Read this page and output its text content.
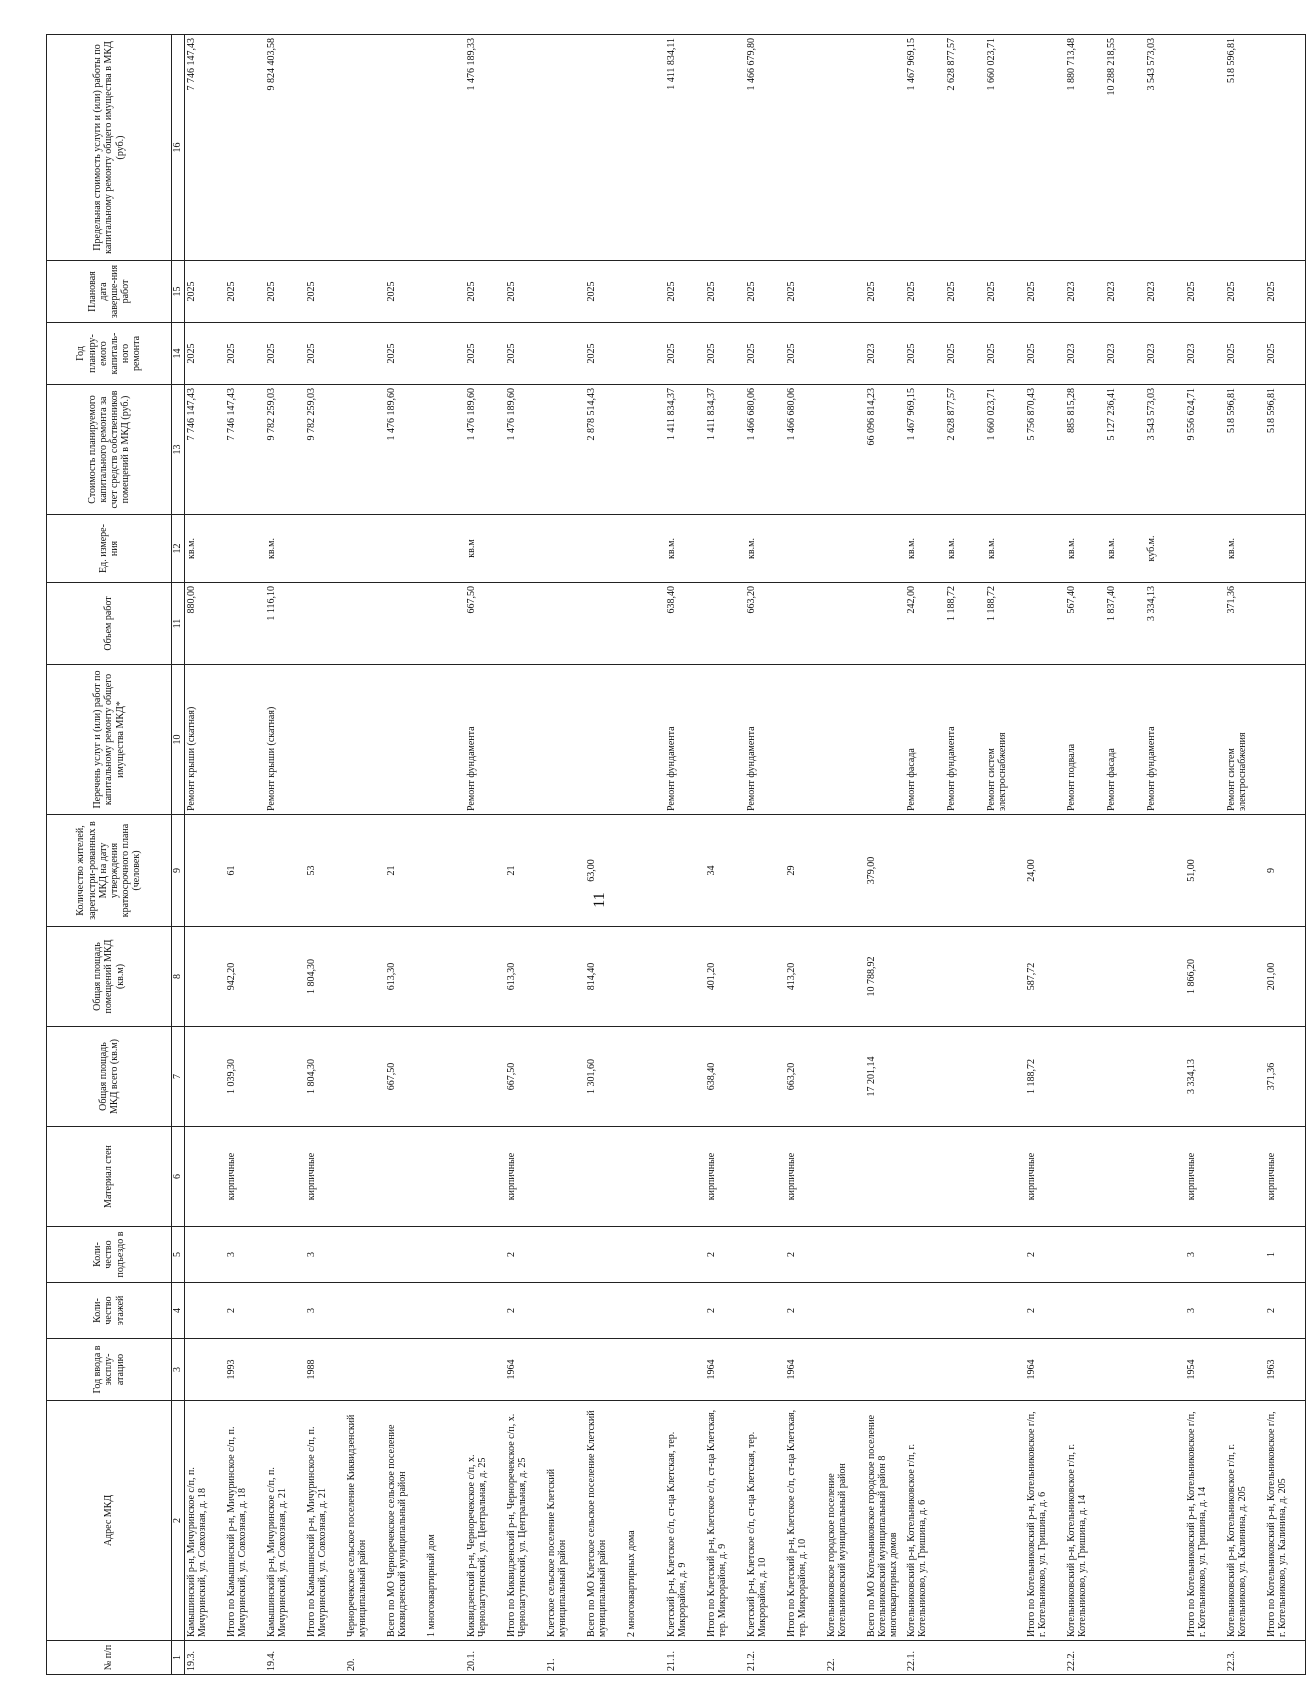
11
№ п/п	Адрес МКД	Год ввода в эксплу-атацию	Коли-чество этажей	Коли-чество подъездо в	Материал стен	Общая площадь МКД всего (кв.м)	Общая площадь помещений МКД (кв.м)	Количество жителей, зарегистри-рованных в МКД на дату утверждения краткосрочного плана (человек)	Перечень услуг и (или) работ по капитальному ремонту общего имущества МКД*	Объем работ	Ед. измере-ния	Стоимость планируемого капитального ремонта за счет средств собственников помещений в МКД (руб.)	Год планиру-емого капиталь-ного ремонта	Плановая дата заверше-ния работ	Предельная стоимость услуги и (или) работы по капитальному ремонту общего имущества в МКД (руб.)
1	2	3	4	5	6	7	8	9	10	11	12	13	14	15	16
19.3.	Камышинский р-н, Мичуринское с/п, п. Мичуринский, ул. Совхозная, д. 18								Ремонт крыши (скатная)	880,00	кв.м.	7 746 147,43	2025	2025	7 746 147,43
	Итого по Камышинский р-н, Мичуринское с/п, п. Мичуринский, ул. Совхозная, д. 18	1993	2	3	кирпичные	1 039,30	942,20	61				7 746 147,43	2025	2025	
19.4.	Камышинский р-н, Мичуринское с/п, п. Мичуринский, ул. Совхозная, д. 21								Ремонт крыши (скатная)	1 116,10	кв.м.	9 782 259,03	2025	2025	9 824 403,58
	Итого по Камышинский р-н, Мичуринское с/п, п. Мичуринский, ул. Совхозная, д. 21	1988	3	3	кирпичные	1 804,30	1 804,30	53				9 782 259,03	2025	2025	
20.	Черноречекское сельское поселение Киквидзенский муниципальный район														
	Всего по МО Черноречекское сельское поселение Киквидзенский муниципальный район					667,50	613,30	21				1 476 189,60	2025	2025	
	1 многоквартирный дом														
20.1.	Киквидзенский р-н, Черноречекское с/п, х. Чернолагутинский, ул. Центральная, д. 25								Ремонт фундамента	667,50	кв.м	1 476 189,60	2025	2025	1 476 189,33
	Итого по Киквидзенский р-н, Черноречекское с/п, х. Чернолагутинский, ул. Центральная, д. 25	1964	2	2	кирпичные	667,50	613,30	21				1 476 189,60	2025	2025	
21.	Клетское сельское поселение Клетский муниципальный район														
	Всего по МО Клетское сельское поселение Клетский муниципальный район					1 301,60	814,40	63,00				2 878 514,43	2025	2025	
	2 многоквартирных дома														
21.1.	Клетский р-н, Клетское с/п, ст-ца Клетская, тер. Микрорайон, д. 9								Ремонт фундамента	638,40	кв.м.	1 411 834,37	2025	2025	1 411 834,11
	Итого по Клетский р-н, Клетское с/п, ст-ца Клетская, тер. Микрорайон, д. 9	1964	2	2	кирпичные	638,40	401,20	34				1 411 834,37	2025	2025	
21.2.	Клетский р-н, Клетское с/п, ст-ца Клетская, тер. Микрорайон, д. 10								Ремонт фундамента	663,20	кв.м.	1 466 680,06	2025	2025	1 466 679,80
	Итого по Клетский р-н, Клетское с/п, ст-ца Клетская, тер. Микрорайон, д. 10	1964	2	2	кирпичные	663,20	413,20	29				1 466 680,06	2025	2025	
22.	Котельниковское городское поселение Котельниковский муниципальный район														
	Всего по МО Котельниковское городское поселение Котельниковский муниципальный район 8 многоквартирных домов					17 201,14	10 788,92	379,00				66 096 814,23	2023	2025	
22.1.	Котельниковский р-н, Котельниковское г/п, г. Котельниково, ул. Гришина, д. 6								Ремонт фасада	242,00	кв.м.	1 467 969,15	2025	2025	1 467 969,15
									Ремонт фундамента	1 188,72	кв.м.	2 628 877,57	2025	2025	2 628 877,57
									Ремонт систем электроснабжения	1 188,72	кв.м.	1 660 023,71	2025	2025	1 660 023,71
	Итого по Котельниковский р-н, Котельниковское г/п, г. Котельниково, ул. Гришина, д. 6	1964	2	2	кирпичные	1 188,72	587,72	24,00				5 756 870,43	2025	2025	
22.2.	Котельниковский р-н, Котельниковское г/п, г. Котельниково, ул. Гришина, д. 14								Ремонт подвала	567,40	кв.м.	885 815,28	2023	2023	1 880 713,48
									Ремонт фасада	1 837,40	кв.м.	5 127 236,41	2023	2023	10 288 218,55
									Ремонт фундамента	3 334,13	куб.м.	3 543 573,03	2023	2023	3 543 573,03
	Итого по Котельниковский р-н, Котельниковское г/п, г. Котельниково, ул. Гришина, д. 14	1954	3	3	кирпичные	3 334,13	1 866,20	51,00				9 556 624,71	2023	2025	
22.3.	Котельниковский р-н, Котельниковское г/п, г. Котельниково, ул. Калинина, д. 205								Ремонт систем электроснабжения	371,36	кв.м.	518 596,81	2025	2025	518 596,81
	Итого по Котельниковский р-н, Котельниковское г/п, г. Котельниково, ул. Калинина, д. 205	1963	2	1	кирпичные	371,36	201,00	9				518 596,81	2025	2025	
